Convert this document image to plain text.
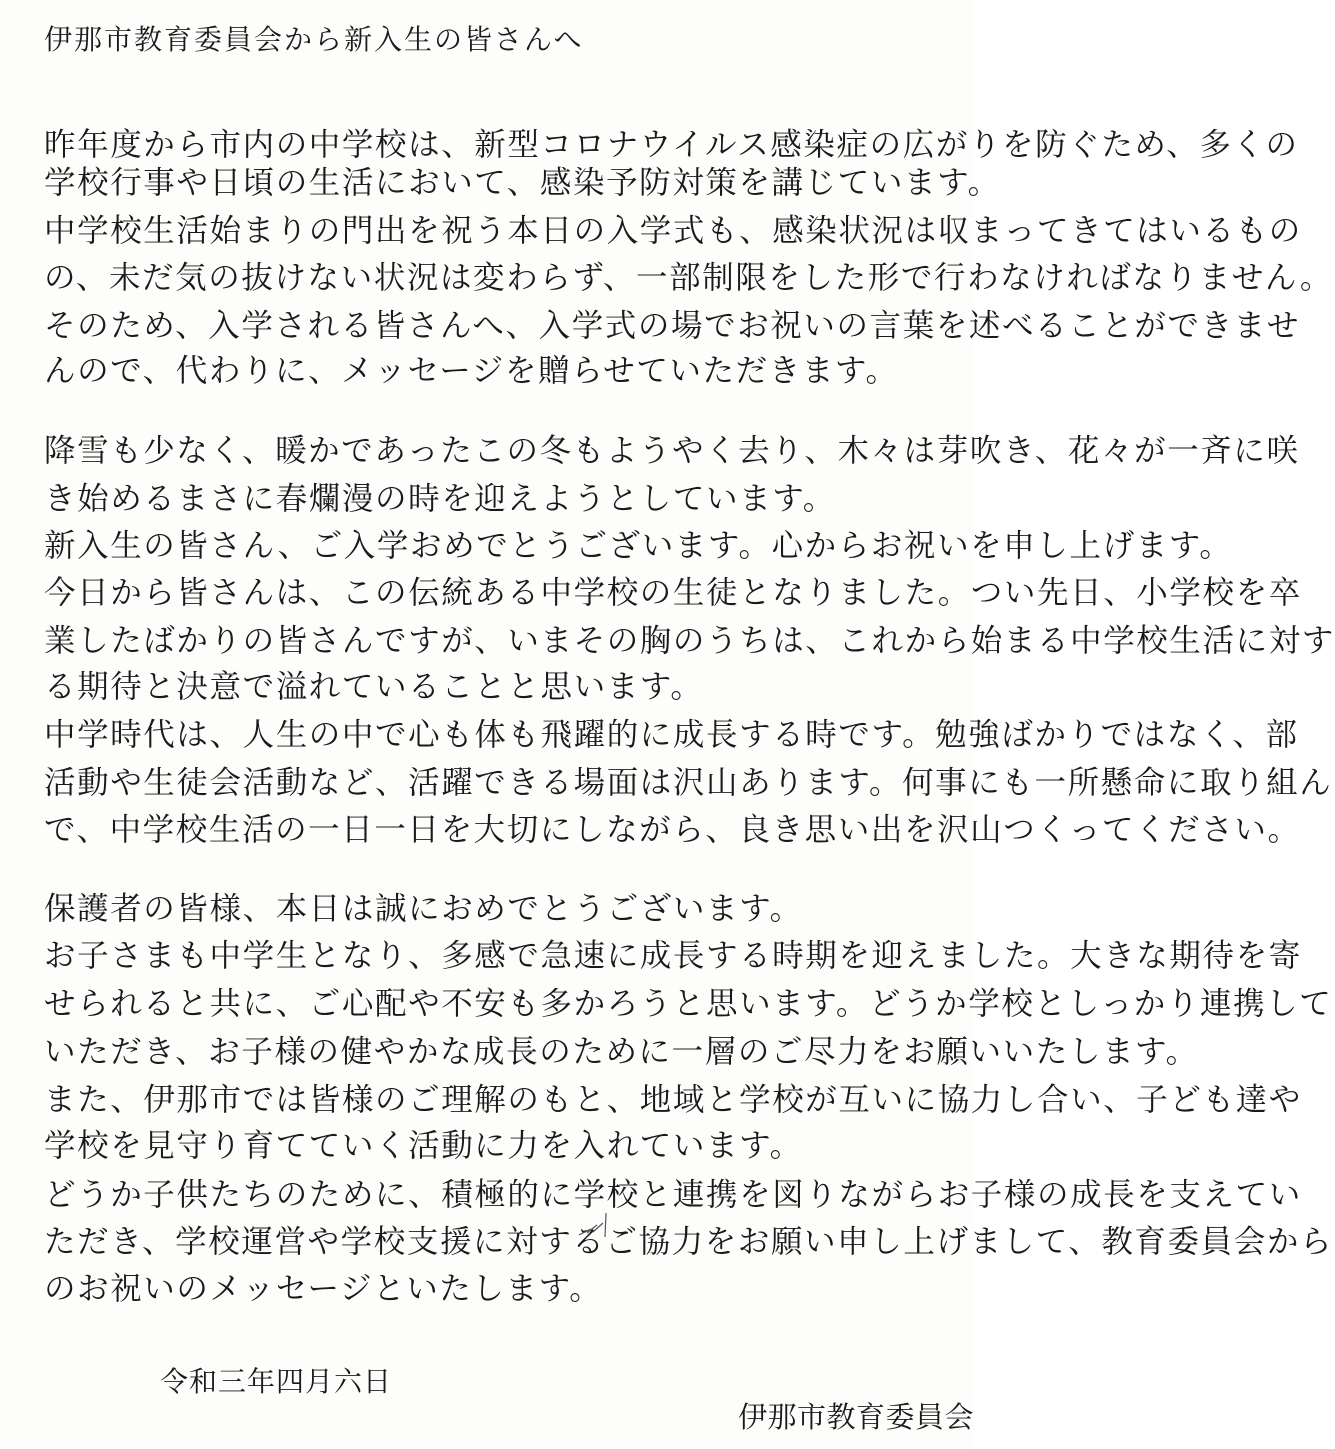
伊那市教育委員会から新入生の皆さんへ
昨年度から市内の中学校は、新型コロナウイルス感染症の広がりを防ぐため、多くの
学校行事や日頃の生活において、感染予防対策を講じています。
中学校生活始まりの門出を祝う本日の入学式も、感染状況は収まってきてはいるもの
の、未だ気の抜けない状況は変わらず、一部制限をした形で行わなければなりません。
そのため、入学される皆さんへ、入学式の場でお祝いの言葉を述べることができませ
んので、代わりに、メッセージを贈らせていただきます。
降雪も少なく、暖かであったこの冬もようやく去り、木々は芽吹き、花々が一斉に咲
き始めるまさに春爛漫の時を迎えようとしています。
新入生の皆さん、ご入学おめでとうございます。心からお祝いを申し上げます。
今日から皆さんは、この伝統ある中学校の生徒となりました。つい先日、小学校を卒
業したばかりの皆さんですが、いまその胸のうちは、これから始まる中学校生活に対す
る期待と決意で溢れていることと思います。
中学時代は、人生の中で心も体も飛躍的に成長する時です。勉強ばかりではなく、部
活動や生徒会活動など、活躍できる場面は沢山あります。何事にも一所懸命に取り組ん
で、中学校生活の一日一日を大切にしながら、良き思い出を沢山つくってください。
保護者の皆様、本日は誠におめでとうございます。
お子さまも中学生となり、多感で急速に成長する時期を迎えました。大きな期待を寄
せられると共に、ご心配や不安も多かろうと思います。どうか学校としっかり連携して
いただき、お子様の健やかな成長のために一層のご尽力をお願いいたします。
また、伊那市では皆様のご理解のもと、地域と学校が互いに協力し合い、子ども達や
学校を見守り育てていく活動に力を入れています。
どうか子供たちのために、積極的に学校と連携を図りながらお子様の成長を支えてい
ただき、学校運営や学校支援に対するご協力をお願い申し上げまして、教育委員会から
のお祝いのメッセージといたします。
令和三年四月六日
伊那市教育委員会
